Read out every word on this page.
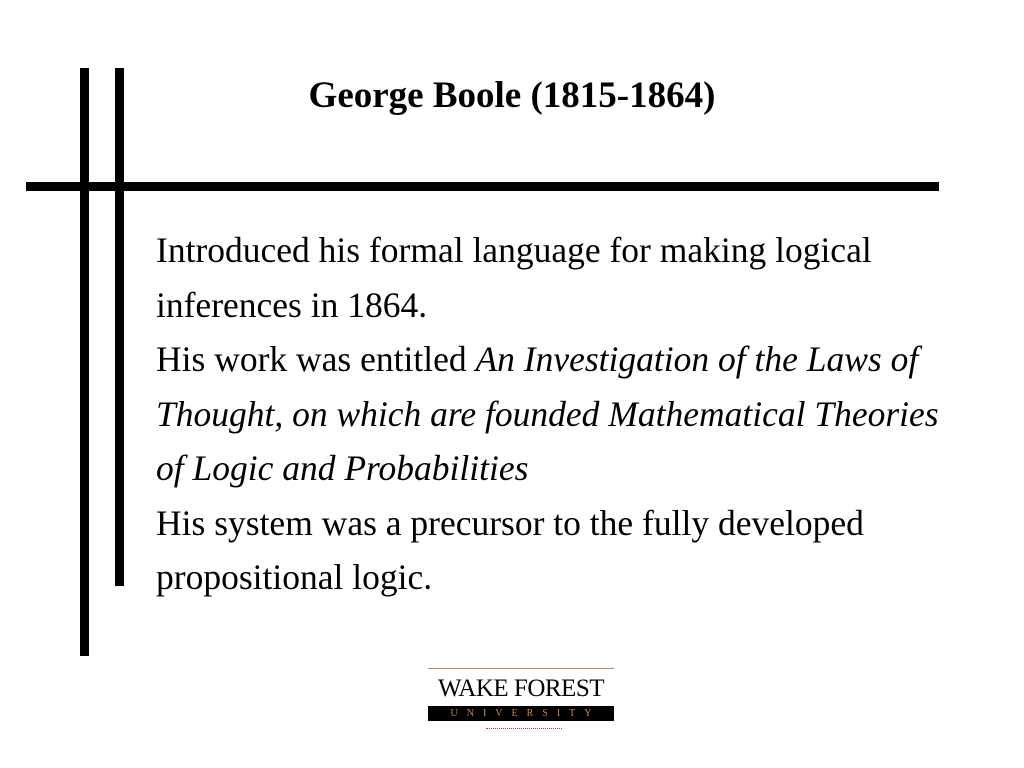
George Boole (1815-1864)

Introduced his formal language for making logical inferences in 1864.

His work was entitled An Investigation of the Laws of Thought, on which are founded Mathematical Theories of Logic and Probabilities

His system was a precursor to the fully developed propositional logic.

WAKE FOREST
UNIVERSITY
